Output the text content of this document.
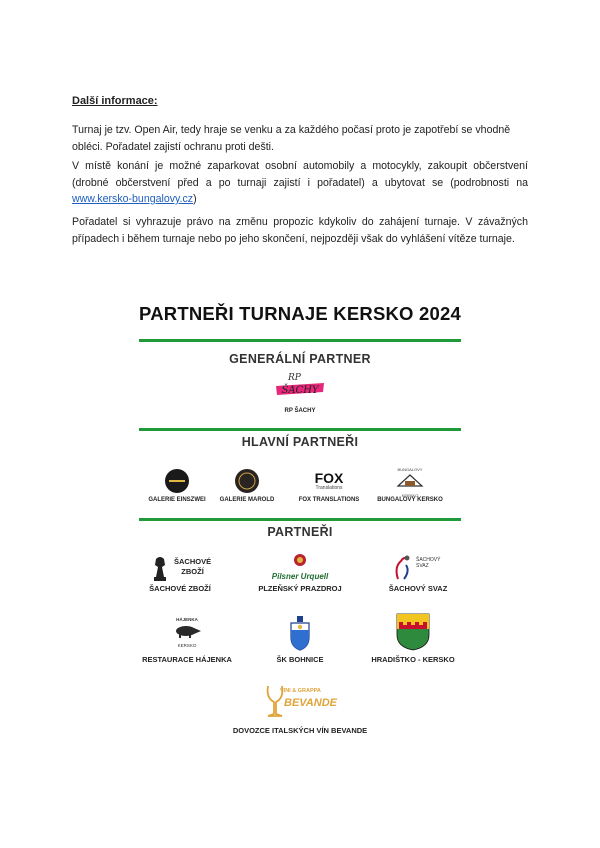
Další informace:
Turnaj je tzv. Open Air, tedy hraje se venku a za každého počasí proto je zapotřebí se vhodně obléci. Pořadatel zajistí ochranu proti dešti.
V místě konání je možné zaparkovat osobní automobily a motocykly, zakoupit občerstvení (drobné občerstvení před a po turnaji zajistí i pořadatel) a ubytovat se (podrobnosti na www.kersko-bungalovy.cz)
Pořadatel si vyhrazuje právo na změnu propozic kdykoliv do zahájení turnaje. V závažných případech i během turnaje nebo po jeho skončení, nejpozději však do vyhlášení vítěze turnaje.
PARTNEŘI TURNAJE KERSKO 2024
GENERÁLNÍ PARTNER
RP
ŠACHY
RP ŠACHY
HLAVNÍ PARTNEŘI
GALERIE EINSZWEI GALERIE MAROLD
FOX
Translations
FOX TRANSLATIONS
BUNGALOVY
KERSKO
BUNGALOVY KERSKO
PARTNEŘI
ŠACHOVÉ
ZBOŽÍ
ŠACHOVÉ ZBOŽÍ
Pilsner Urquell
PLZEŇSKÝ PRAZDROJ
ŠACHOVÝ
SVAZ
ŠACHOVÝ SVAZ
HÁJENKA
KERSKO
RESTAURACE HÁJENKA	ŠK BOHNICE	HRADIŠTKO - KERSKO
VINI & GRAPPA
BEVANDE
DOVOZCE ITALSKÝCH VÍN BEVANDE
